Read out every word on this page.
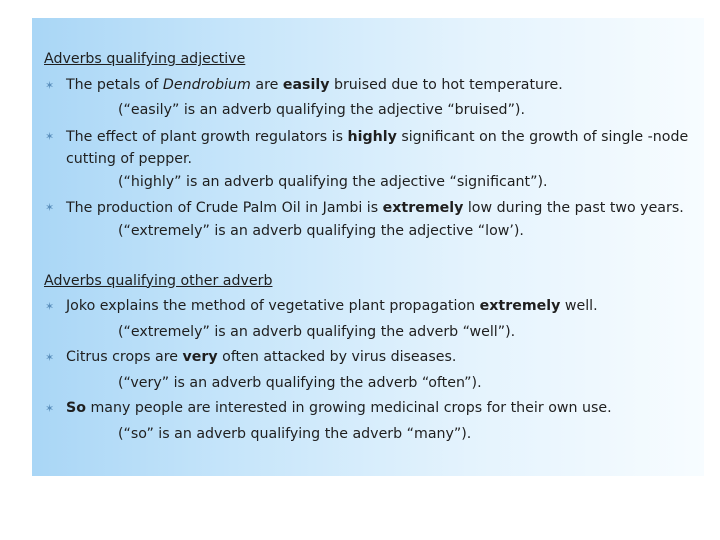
Adverbs qualifying adjective
✶ The petals of Dendrobium are easily bruised due to hot temperature.
(“easily” is an adverb qualifying the adjective “bruised”).
✶ The effect of plant growth regulators is highly significant on the growth of single -node cutting of pepper.
(“highly” is an adverb qualifying the adjective “significant”).
✶ The production of Crude Palm Oil in Jambi is extremely low during the past two years.
(“extremely” is an adverb qualifying the adjective “low’).
Adverbs qualifying other adverb
✶ Joko explains the method of vegetative plant propagation extremely well.
(“extremely” is an adverb qualifying the adverb “well”).
✶ Citrus crops are very often attacked by virus diseases.
(“very” is an adverb qualifying the adverb “often”).
✶ So many people are interested in growing medicinal crops for their own use.
(“so” is an adverb qualifying the adverb “many”).
